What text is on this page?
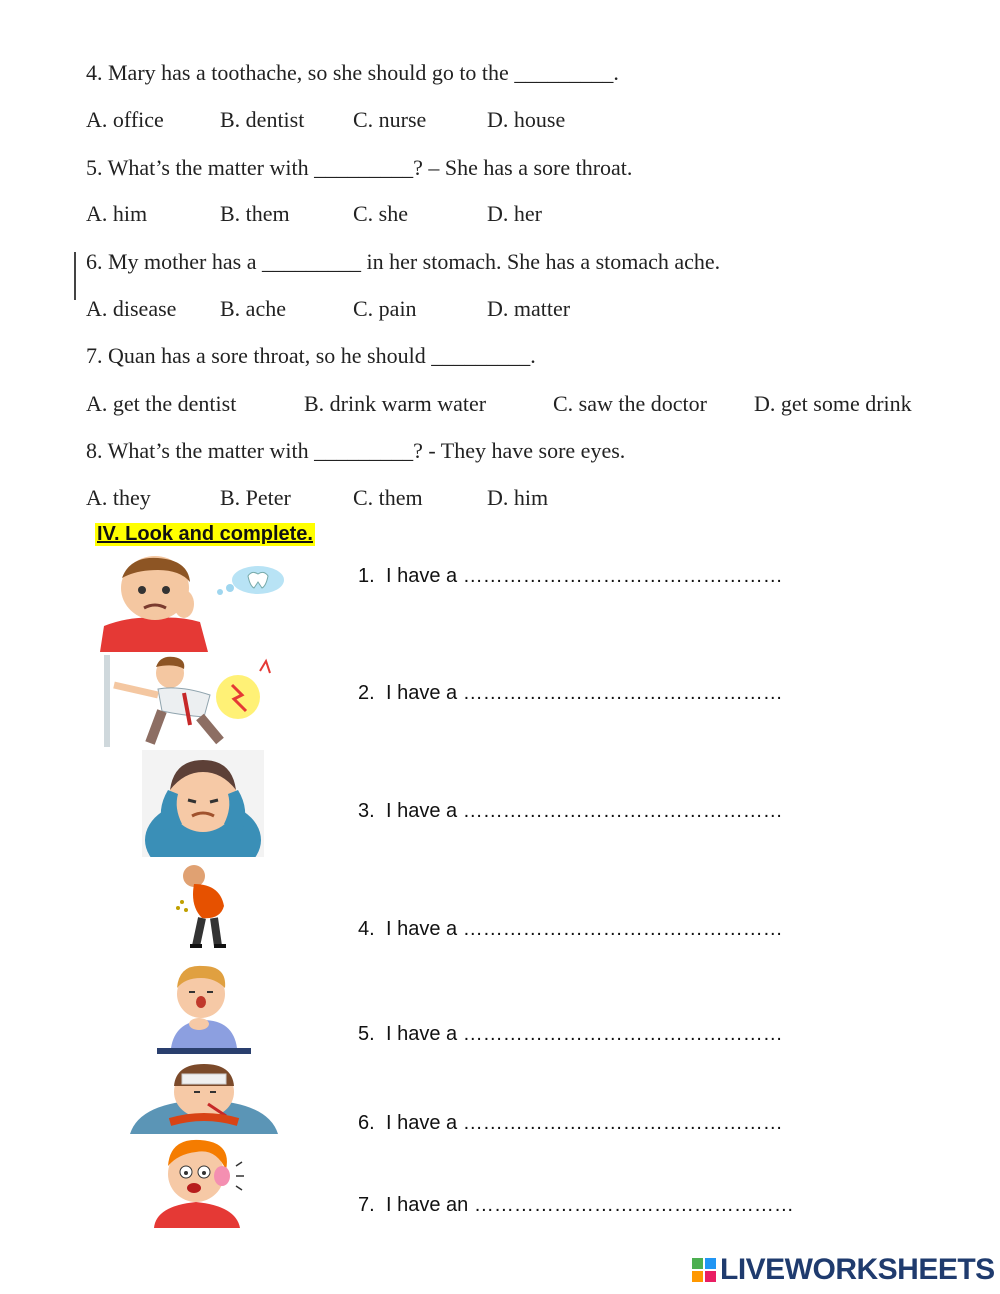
4. Mary has a toothache, so she should go to the _________.
A. office	B. dentist C. nurse	D. house
5. What’s the matter with _________? – She has a sore throat.
A. him	B. them	C. she	D. her
6. My mother has a _________ in her stomach. She has a stomach ache.
A. disease B. ache	C. pain	D. matter
7. Quan has a sore throat, so he should _________.
A. get the dentist	B. drink warm water	C. saw the doctor D. get some drink
8. What’s the matter with _________? - They have sore eyes.
A. they	B. Peter	C. them	D. him
IV. Look and complete.
1. I have a …………………………………………
2. I have a …………………………………………
3. I have a …………………………………………
4. I have a …………………………………………
5. I have a …………………………………………
6. I have a …………………………………………
7. I have an …………………………………………
LIVEWORKSHEETS
